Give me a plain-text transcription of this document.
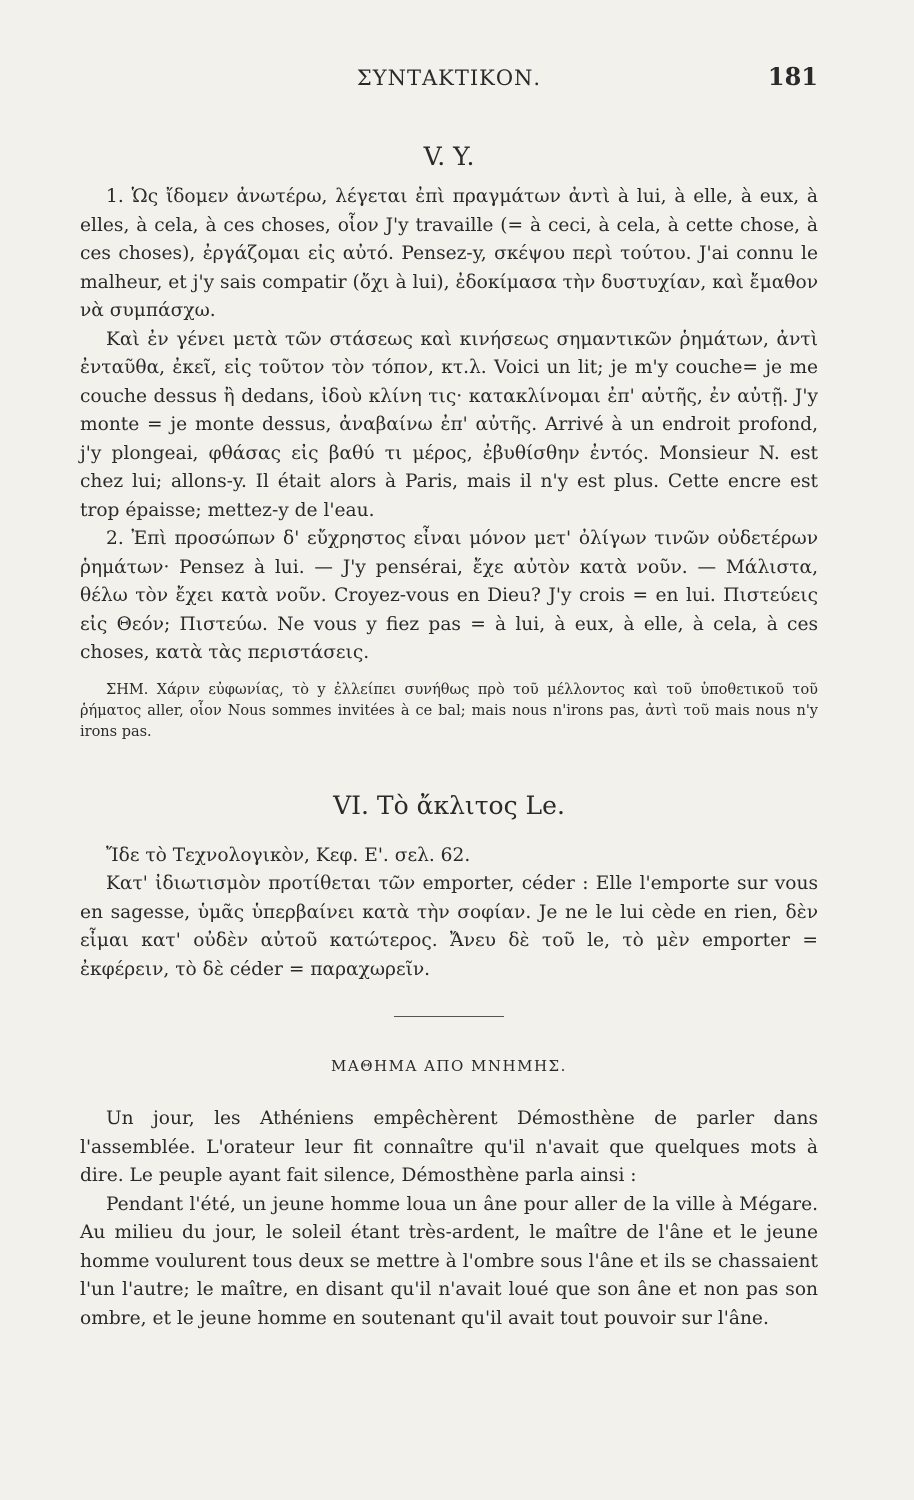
ΣΥΝΤΑΚΤΙΚΟΝ.	181
V. Y.

1. Ὡς ἴδομεν ἀνωτέρω, λέγεται ἐπὶ πραγμάτων ἀντὶ à lui, à elle, à eux, à elles, à cela, à ces choses, οἷον J'y travaille (= à ceci, à cela, à cette chose, à ces choses), ἐργάζομαι εἰς αὐτό. Pensez-y, σκέψου περὶ τούτου. J'ai connu le malheur, et j'y sais compatir (ὄχι à lui), ἐδοκίμασα τὴν δυστυχίαν, καὶ ἔμαθον νὰ συμπάσχω.

Καὶ ἐν γένει μετὰ τῶν στάσεως καὶ κινήσεως σημαντικῶν ῥημάτων, ἀντὶ ἐνταῦθα, ἐκεῖ, εἰς τοῦτον τὸν τόπον, κτ.λ. Voici un lit; je m'y couche= je me couche dessus ἢ dedans, ἰδοὺ κλίνη τις· κατακλίνομαι ἐπ' αὐτῆς, ἐν αὐτῇ. J'y monte = je monte dessus, ἀναβαίνω ἐπ' αὐτῆς. Arrivé à un endroit profond, j'y plongeai, φθάσας εἰς βαθύ τι μέρος, ἐβυθίσθην ἐντός. Monsieur N. est chez lui; allons-y. Il était alors à Paris, mais il n'y est plus. Cette encre est trop épaisse; mettez-y de l'eau.

2. Ἐπὶ προσώπων δ' εὔχρηστος εἶναι μόνον μετ' ὀλίγων τινῶν οὐδετέρων ῥημάτων· Pensez à lui. — J'y pensérai, ἔχε αὐτὸν κατὰ νοῦν. — Μάλιστα, θέλω τὸν ἔχει κατὰ νοῦν. Croyez-vous en Dieu? J'y crois = en lui. Πιστεύεις εἰς Θεόν; Πιστεύω. Ne vous y fiez pas = à lui, à eux, à elle, à cela, à ces choses, κατὰ τὰς περιστάσεις.

ΣΗΜ. Χάριν εὐφωνίας, τὸ y ἐλλείπει συνήθως πρὸ τοῦ μέλλοντος καὶ τοῦ ὑποθετικοῦ τοῦ ῥήματος aller, οἷον Nous sommes invitées à ce bal; mais nous n'irons pas, ἀντὶ τοῦ mais nous n'y irons pas.

VI. Τὸ ἄκλιτος Le.

Ἴδε τὸ Τεχνολογικὸν, Κεφ. Ε'. σελ. 62.

Κατ' ἰδιωτισμὸν προτίθεται τῶν emporter, céder : Elle l'emporte sur vous en sagesse, ὑμᾶς ὑπερβαίνει κατὰ τὴν σοφίαν. Je ne le lui cède en rien, δὲν εἶμαι κατ' οὐδὲν αὐτοῦ κατώτερος. Ἄνευ δὲ τοῦ le, τὸ μὲν emporter = ἐκφέρειν, τὸ δὲ céder = παραχωρεῖν.

ΜΑΘΗΜΑ ΑΠΟ ΜΝΗΜΗΣ.

Un jour, les Athéniens empêchèrent Démosthène de parler dans l'assemblée. L'orateur leur fit connaître qu'il n'avait que quelques mots à dire. Le peuple ayant fait silence, Démosthène parla ainsi :

Pendant l'été, un jeune homme loua un âne pour aller de la ville à Mégare. Au milieu du jour, le soleil étant très-ardent, le maître de l'âne et le jeune homme voulurent tous deux se mettre à l'ombre sous l'âne et ils se chassaient l'un l'autre; le maître, en disant qu'il n'avait loué que son âne et non pas son ombre, et le jeune homme en soutenant qu'il avait tout pouvoir sur l'âne.
